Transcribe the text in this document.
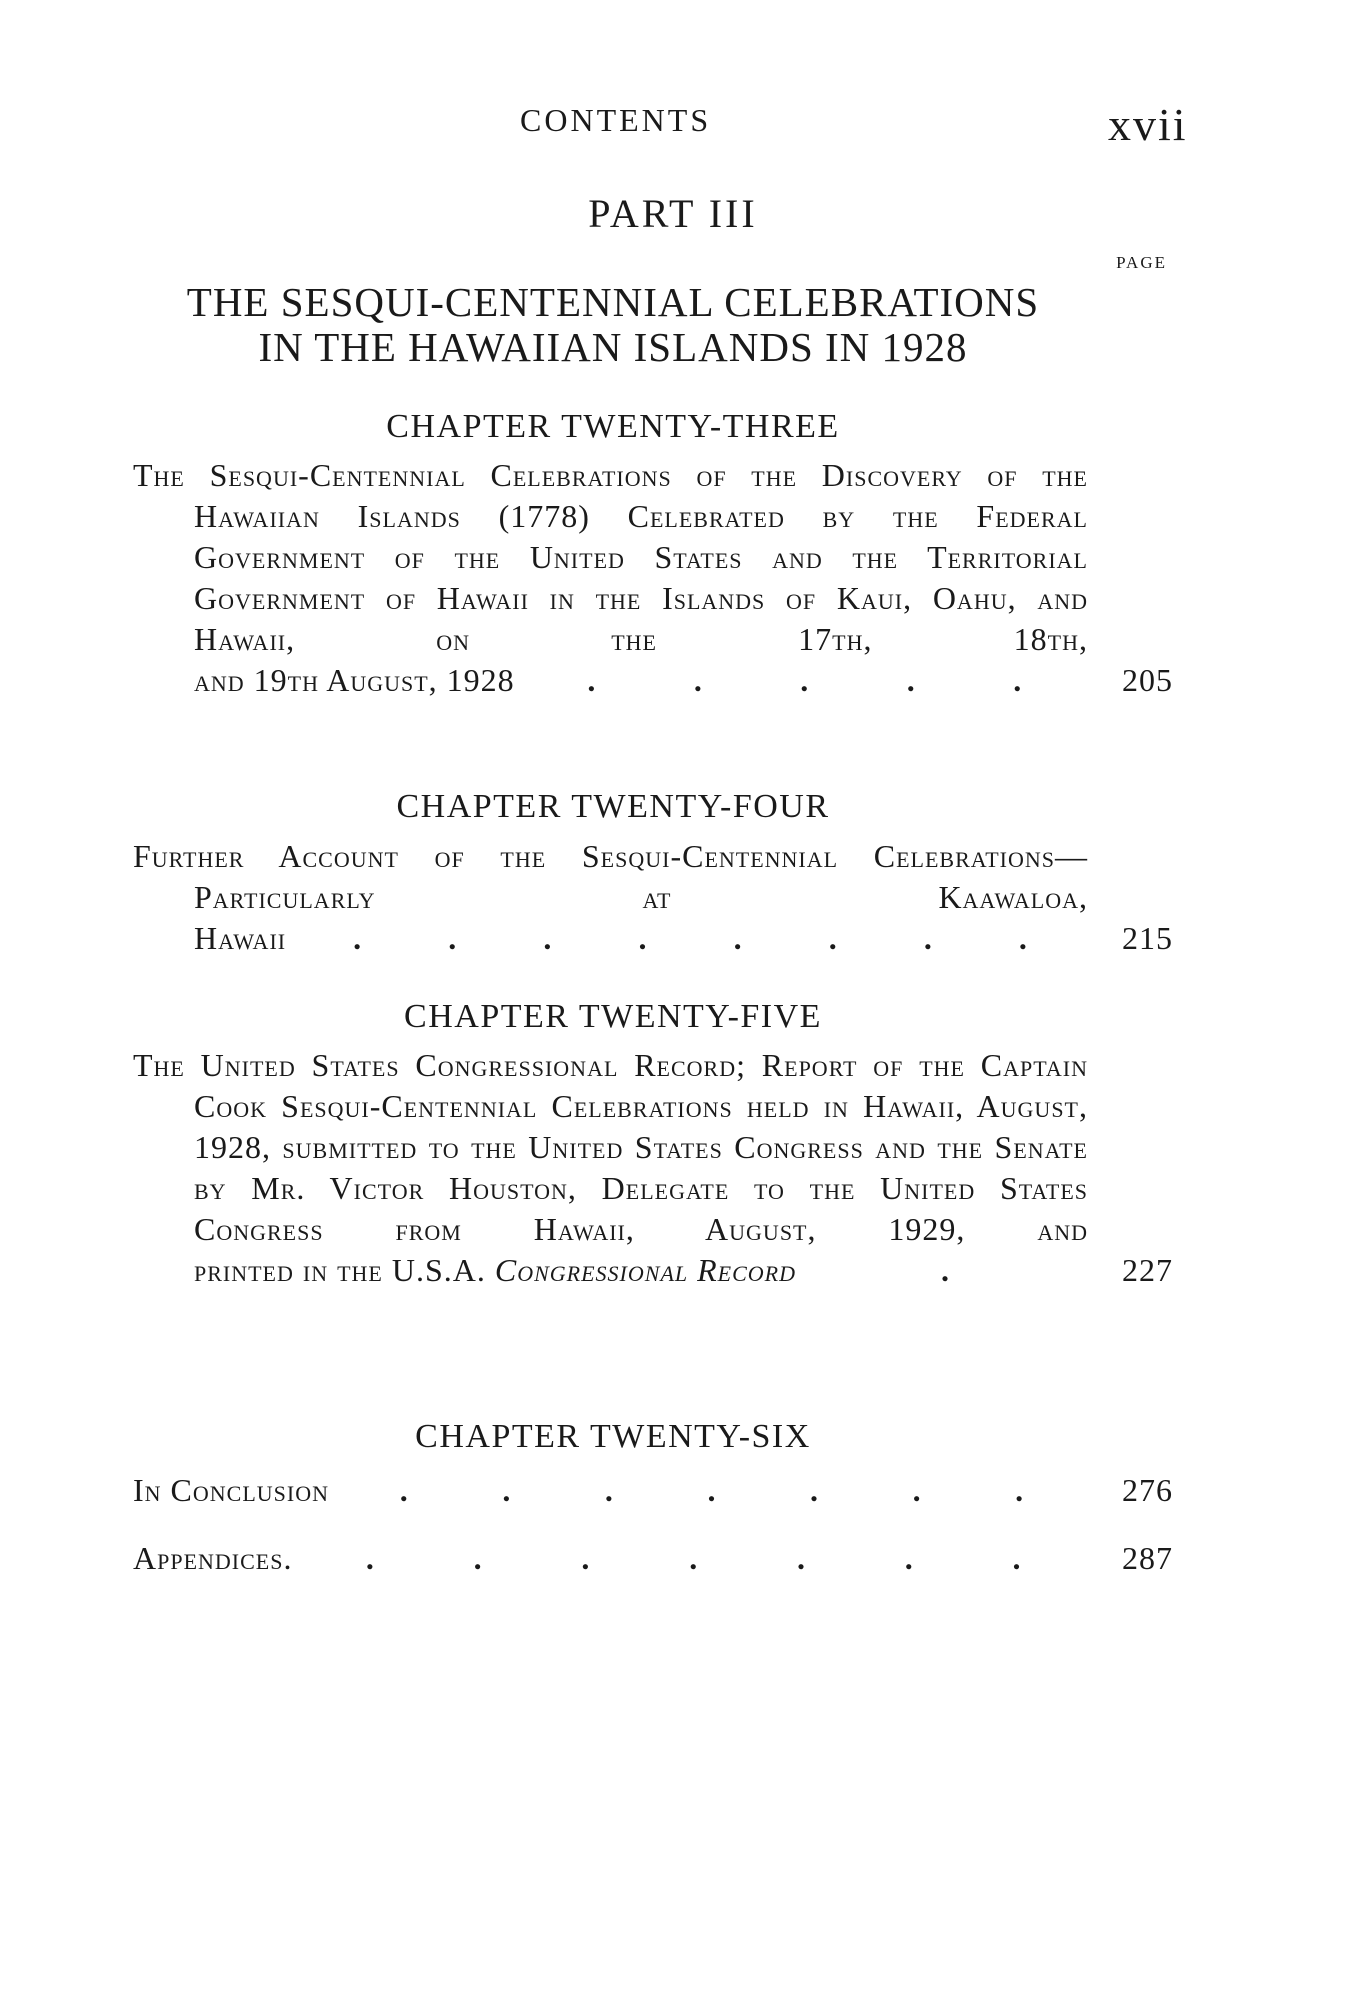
CONTENTS	xvii
PART III
PAGE
THE SESQUI-CENTENNIAL CELEBRATIONS
IN THE HAWAIIAN ISLANDS IN 1928
CHAPTER TWENTY-THREE
The Sesqui-Centennial Celebrations of the Discovery of the Hawaiian Islands (1778) Celebrated by the Federal Government of the United States and the Territorial Government of Hawaii in the Islands of Kaui, Oahu, and Hawaii, on the 17th, 18th,
and 19th August, 1928 .	.	.	.	.	205
CHAPTER TWENTY-FOUR
Further Account of the Sesqui-Centennial Celebrations—Particularly at Kaawaloa,
Hawaii .	.	.	.	.	.	.	.	215
CHAPTER TWENTY-FIVE
The United States Congressional Record; Report of the Captain Cook Sesqui-Centennial Celebrations held in Hawaii, August, 1928, submitted to the United States Congress and the Senate by Mr. Victor Houston, Delegate to the United States Congress from Hawaii, August, 1929, and
printed in the U.S.A. Congressional Record	.	227
CHAPTER TWENTY-SIX
In Conclusion .	.	.	.	.	.	.	276
Appendices. .	.	.	.	.	.	.	287
